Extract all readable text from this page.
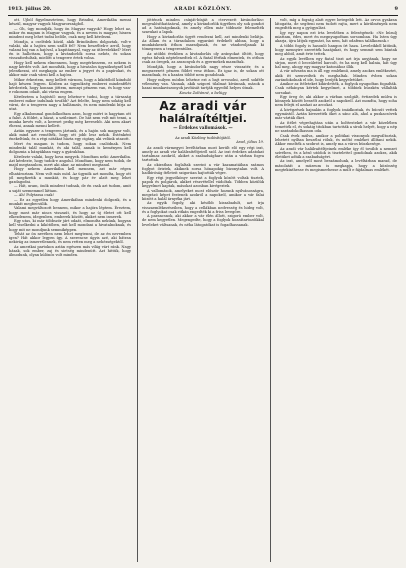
1913. július 20.	ARADI KÖZLÖNY.	9

ott. Ujból figyelmeztetem, hogy Brindisi, Amerikába menni készül, magyar vagyok Magyarországból.

— Oh, úgy mondják, hogy ön Magyar vagyok? Hogy lehet az, mikor én magam is Magyar vagyok, és a nevem is magyar, hiszen mindent meg lehet tudni belőle, csak meg kell kérdezni.

Mondja, a cselédek közül, akik Brindisiben dolgoztak, volt-e valaki, aki a hajóra nem szállt fel? Nem beszéltek-e arról, hogy valami baj van a hajóval, a kapitánnyal, vagy az útlevelekkel? Mert én is hallottam, hogy a kivándorlók sorsa nehéz, és sokan visszafordultak, mielőtt a tengerre értek volna.

Hogy kell nekem elmennem, hogy megérkezzem, ez nekem is nagy kérdés volt. Azt mondták, hogy a hivatalos ügynökségnél kell jelentkezni, ott megkapja az ember a jegyet és a papírokat, és akkor már csak várni kell a hajóra.

Mikor érkeztem, meg kellett várnom, hogy a kikötőből kiinduló hajó készen legyen. Közben az ügynökség emberei mindenfélét kérdeztek, hogy honnan jöttem, mennyi pénzem van, és hogy van-e rokonom odaát, aki várna engem.

Kérdeztem a hajóstól: meg lehetne-e tudni, hogy a társaság emberei mikor indulnak tovább? Azt felelte, hogy nem sokáig kell várni, de a tengeren nagy a hullámzás, és nem mindenki bírja az utat.

Egy alkalommal gondolkodtam azon, hogy miért is hagytam ott a falut. A földet, a házat, a szüleimet. De hát nem volt mit tenni, a munka kevés volt, a kereset pedig még kevesebb. Aki nem akart éhezni, annak menni kellett.

Aztán egyszer a tengeren jártunk, és a hajón sok magyar volt, akik mind azt remélték, hogy ott jobb lesz nekik. Esténként énekeltünk, és a régi nótákat húzta egy cigány, aki velünk utazott.

Mert én magam is tudom, hogy sokan csalódnak. Nem mindenki talál munkát, és aki talál, annak is keményen kell dolgoznia a bányákban vagy a gyárakban.

Kérdezte valaki, hogy hova megyek. Mondtam neki: Amerikába. Azt kérdezte, hogy tudok-e angolul. Mondtam, hogy nem tudok, de majd megtanulom, mert aki akar, az mindent megtanul.

Hogy nekem Amerikába kell mennem, azt már régen elhatároztam. Nem volt más mód. Az ügynök azt mondta, hogy ott jól megfizetik a munkát, és hogy pár év alatt meg lehet gazdagodni.

— Hát, uram, önök mindent tudnak, de én csak azt tudom, amit a saját szememmel láttam.

— Ah! Folytassa csak!

— Ez az egyetlen hogy Amerikában mindenki dolgozik, és a munkát megbecsülik.

Valami megváltozott bennem, mikor a hajóra léptem. Éreztem, hogy most már nincs visszaút, és hogy az új életet ott kell elkezdenem, idegenben, emberek között, akiket nem ismerek.

Egy utas, ki már többször járt odaát, elmondta nekünk, hogyan kell viselkedni a kikötőben, mit kell mondani a hivatalnoknak, és hogy mit ne mondjunk semmiképpen.

Tehát az ön nevében nem lehet megtenni, de az én nevemben igen? Hát akkor legyen így. A szerencse úgyis azé, aki bátran nekivág az ismeretlennek, és nem retten meg a nehézségektől.

Az amerikai partokon aztán egészen más világ várt ránk. Nagy házak, sok ember, zaj és sietség mindenütt. Azt hittük, hogy álmodunk, olyan különös volt minden.

jöttének minden csínját-bínját a »tervezett kivándorlás« megvalósíthatásával, amely a kivándorlók ügyében oly sok gondot ad a hatóságoknak, és amely ellen már többször felemelték szavukat a lapok.

Hogy a kivándorlás ügyét rendezni kell, azt mindenki belátja. Az állam és a társadalom egyaránt érdekelt abban, hogy a munkáskezek itthon maradjanak, és ne vándoroljanak ki tömegesen a tengerentúlra.

Az utóbbi években a kivándorlás oly arányokat öltött, hogy egész falvak néptelenedtek el. A fiatal férfiak elmentek, és otthon csak az öregek, az asszonyok és a gyermekek maradtak.

Mondják, hogy a kivándorlók nagy része visszatér, és a megszerzett pénzen földet vesz itthon. Ez igaz is, de sokan ott maradnak, és a hazára többé nem gondolnak.

Hogy milyen módon lehetne ezt a bajt orvosolni, arról sokféle vélemény van. Vannak, akik szigorú tilalmat kívánnak, mások a hazai munkaviszonyok javítását tartják egyedül helyes útnak.

Koszta Zoltánné, a belügy
Az aradi vár
halálraítéltjei.
— Érdekes vallomások. —
Az aradi Közlöny tudósítójától.
Arad, július 19.

Az aradi vármegyei levéltárban most került elő egy régi irat, amely az aradi vár halálraítéltjeiről szól. Az irat érdekes adatokat tartalmaz azokról, akiket a szabadságharc után a várban fogva tartottak.

Az okiratban foglaltak szerint a vár kazamatáiban számos foglyot őriztek, akiknek sorsa hónapokig bizonytalan volt. A hadbíróság ítéleteit szigorúan hajtották végre.

Egy régi jegyzőkönyv szerint a foglyok között voltak tisztek, papok és polgárok, akiket részvétellel vádoltak. Többen közülük kegyelmet kaptak, másokat azonban kivégeztek.

A vallomások, amelyeket most először hozunk nyilvánosságra, megrázó képet festenek azokról a napokról, amikor a vár falai között a halál árnyéka járt.

Az egyik fogoly, aki később kiszabadult, azt írja visszaemlékezéseiben, hogy a cellákban nedvesség és hideg volt, és a foglyokat csak ritkán engedték ki a friss levegőre.

A parancsnok, aki akkor a vár élén állott, szigorú ember volt, de nem kegyetlen. Megengedte, hogy a foglyok hozzátartozóikkal leveleket váltsanak, és néha látogatókat is fogadhassanak.

volt, míg a fogság alatt egyre betegebb lett. Az orvos gyakran látogatta, de segíteni nem tudott rajta, mert a körülmények nem engedték meg a gyógyulást.

Így egy napon ezt írta levelében a feleségének: »Ne búsulj miattam, édes, mert én megnyugodtam sorsomban. Ha Isten úgy akarja, újra látjuk egymást, ha nem, hát odafenn találkozunk.«

A többi fogoly is hasonló hangon írt haza. Leveleikből kitűnik, hogy mennyire szerették hazájukat, és hogy semmit sem bántak meg abból, amit érte tettek.

Az egyik levélben egy fiatal tiszt azt írja anyjának, hogy ne sírjon, mert ő becsülettel harcolt, és ha meg kell halnia, hát úgy hal meg, ahogy egy magyar katonához illik.

A vár udvarán ma is áll egy emlékmű, amely azokra emlékeztet, akik itt szenvedtek és meghaltak. Minden évben sokan zarándokolnak el ide, hogy lerójék kegyeletüket.

Amikor az ítéleteket kihirdették, a foglyok nyugodtan fogadták. Csak néhányan kértek kegyelmet, a többiek büszkén vállalták sorsukat.

Egy öreg őr, aki akkor a várban szolgált, évtizedek múlva is könnyek között beszélt azokról a napokról. Azt mondta, hogy soha nem felejti el azokat az arcokat.

A kivégzések hajnalán a foglyok imádkoztak, és búcsút vettek egymástól. Aztán kivezették őket a sánc alá, ahol a puskacsövek már várták őket.

Az ítélet végrehajtása után a holttesteket a vár közelében temették el, és sokáig titokban tartották a sírok helyét, hogy a nép ne zarándokolhasson oda.

Csak évek múlva, amikor a politikai viszonyok megváltoztak, lehetett nyíltan beszélni róluk, és méltó emléket állítani nekik. Akkor emelték a szobrot is, amely ma a város büszkesége.

Az aradi vár halálraítéltjeinek emléke így él tovább a nemzet szívében, és a késő utódok is tisztelettel gondolnak azokra, akik életüket adták a szabadságért.

Az irat, amelyről most beszámolunk, a levéltárban marad, de másolatát a múzeum is megkapja, hogy a közönség megtekinthesse és megismerhesse a múlt e fájdalmas emlékét.
